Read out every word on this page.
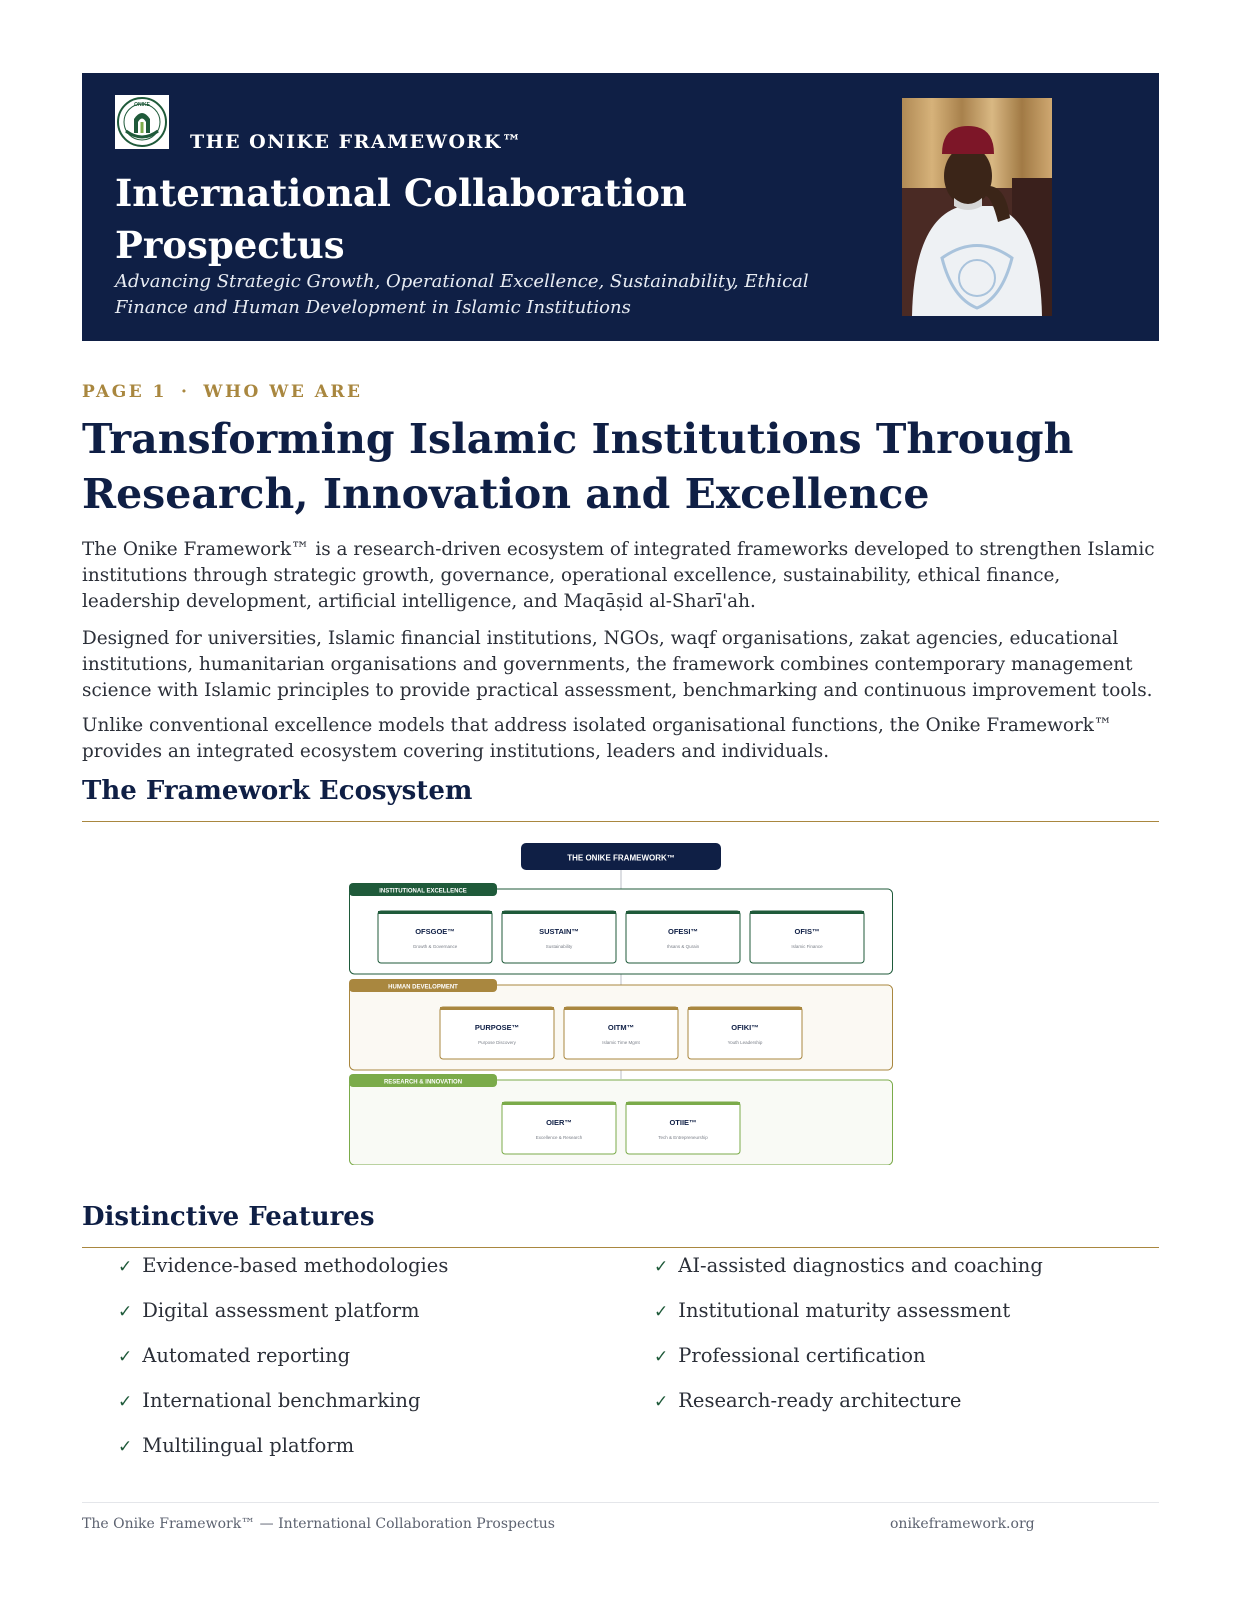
ONIKE
THE ONIKE FRAMEWORK™
International Collaboration Prospectus
Advancing Strategic Growth, Operational Excellence, Sustainability, Ethical Finance and Human Development in Islamic Institutions
PAGE 1 · WHO WE ARE
Transforming Islamic Institutions Through Research, Innovation and Excellence

The Onike Framework™ is a research-driven ecosystem of integrated frameworks developed to strengthen Islamic institutions through strategic growth, governance, operational excellence, sustainability, ethical finance, leadership development, artificial intelligence, and Maqāṣid al-Sharī'ah.

Designed for universities, Islamic financial institutions, NGOs, waqf organisations, zakat agencies, educational institutions, humanitarian organisations and governments, the framework combines contemporary management science with Islamic principles to provide practical assessment, benchmarking and continuous improvement tools.

Unlike conventional excellence models that address isolated organisational functions, the Onike Framework™ provides an integrated ecosystem covering institutions, leaders and individuals.

The Framework Ecosystem
THE ONIKE FRAMEWORK™
INSTITUTIONAL EXCELLENCE
OFSGOE™
Growth & Governance
SUSTAIN™
Sustainability
OFESI™
Ihsans & Qurain
OFIS™
Islamic Finance
HUMAN DEVELOPMENT
PURPOSE™
Purpose Discovery
OITM™
Islamic Time Mgmt
OFIKI™
Youth Leadership
RESEARCH & INNOVATION
OIER™
Excellence & Research
OTIIE™
Tech & Entrepreneurship
Distinctive Features
✓ Evidence-based methodologies
✓ Digital assessment platform
✓ Automated reporting
✓ International benchmarking
✓ Multilingual platform
✓ AI-assisted diagnostics and coaching
✓ Institutional maturity assessment
✓ Professional certification
✓ Research-ready architecture
The Onike Framework™ — International Collaboration Prospectus	onikeframework.org
